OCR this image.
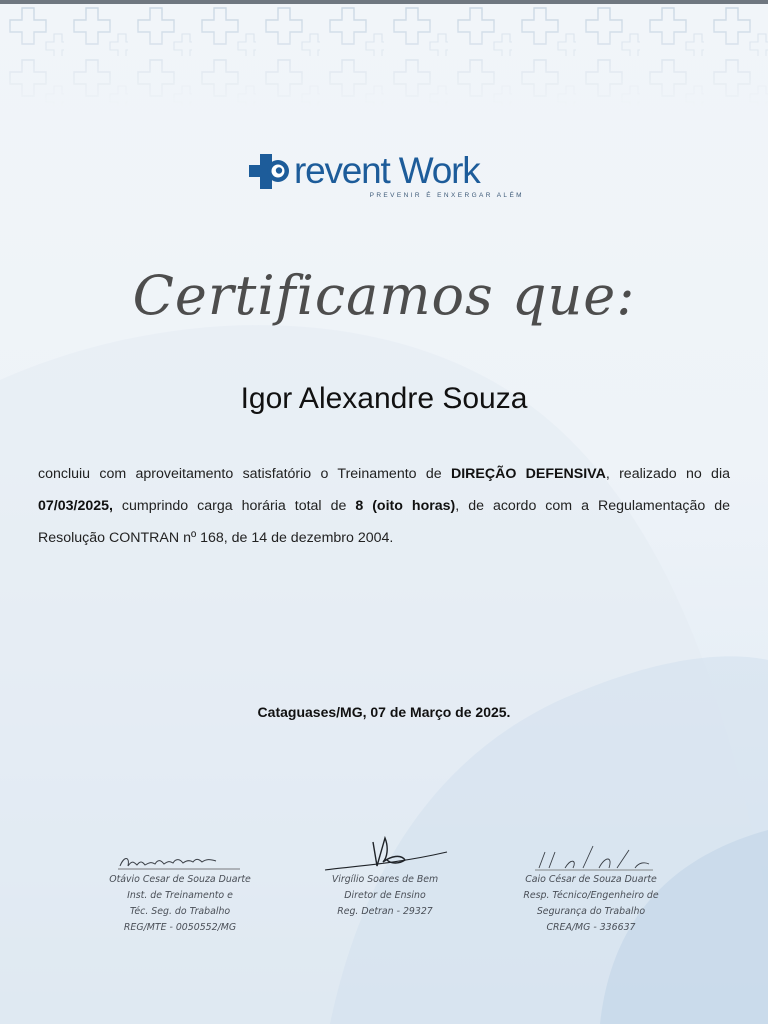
revent Work
PREVENIR É ENXERGAR ALÉM
Certificamos que:
Igor Alexandre Souza
concluiu com aproveitamento satisfatório o Treinamento de DIREÇÃO DEFENSIVA, realizado no dia 07/03/2025, cumprindo carga horária total de 8 (oito horas), de acordo com a Regulamentação de Resolução CONTRAN nº 168, de 14 de dezembro 2004.
Cataguases/MG, 07 de Março de 2025.
Otávio Cesar de Souza Duarte
Inst. de Treinamento e
Téc. Seg. do Trabalho
REG/MTE - 0050552/MG
Virgílio Soares de Bem
Diretor de Ensino
Reg. Detran - 29327
Caio César de Souza Duarte
Resp. Técnico/Engenheiro de
Segurança do Trabalho
CREA/MG - 336637
